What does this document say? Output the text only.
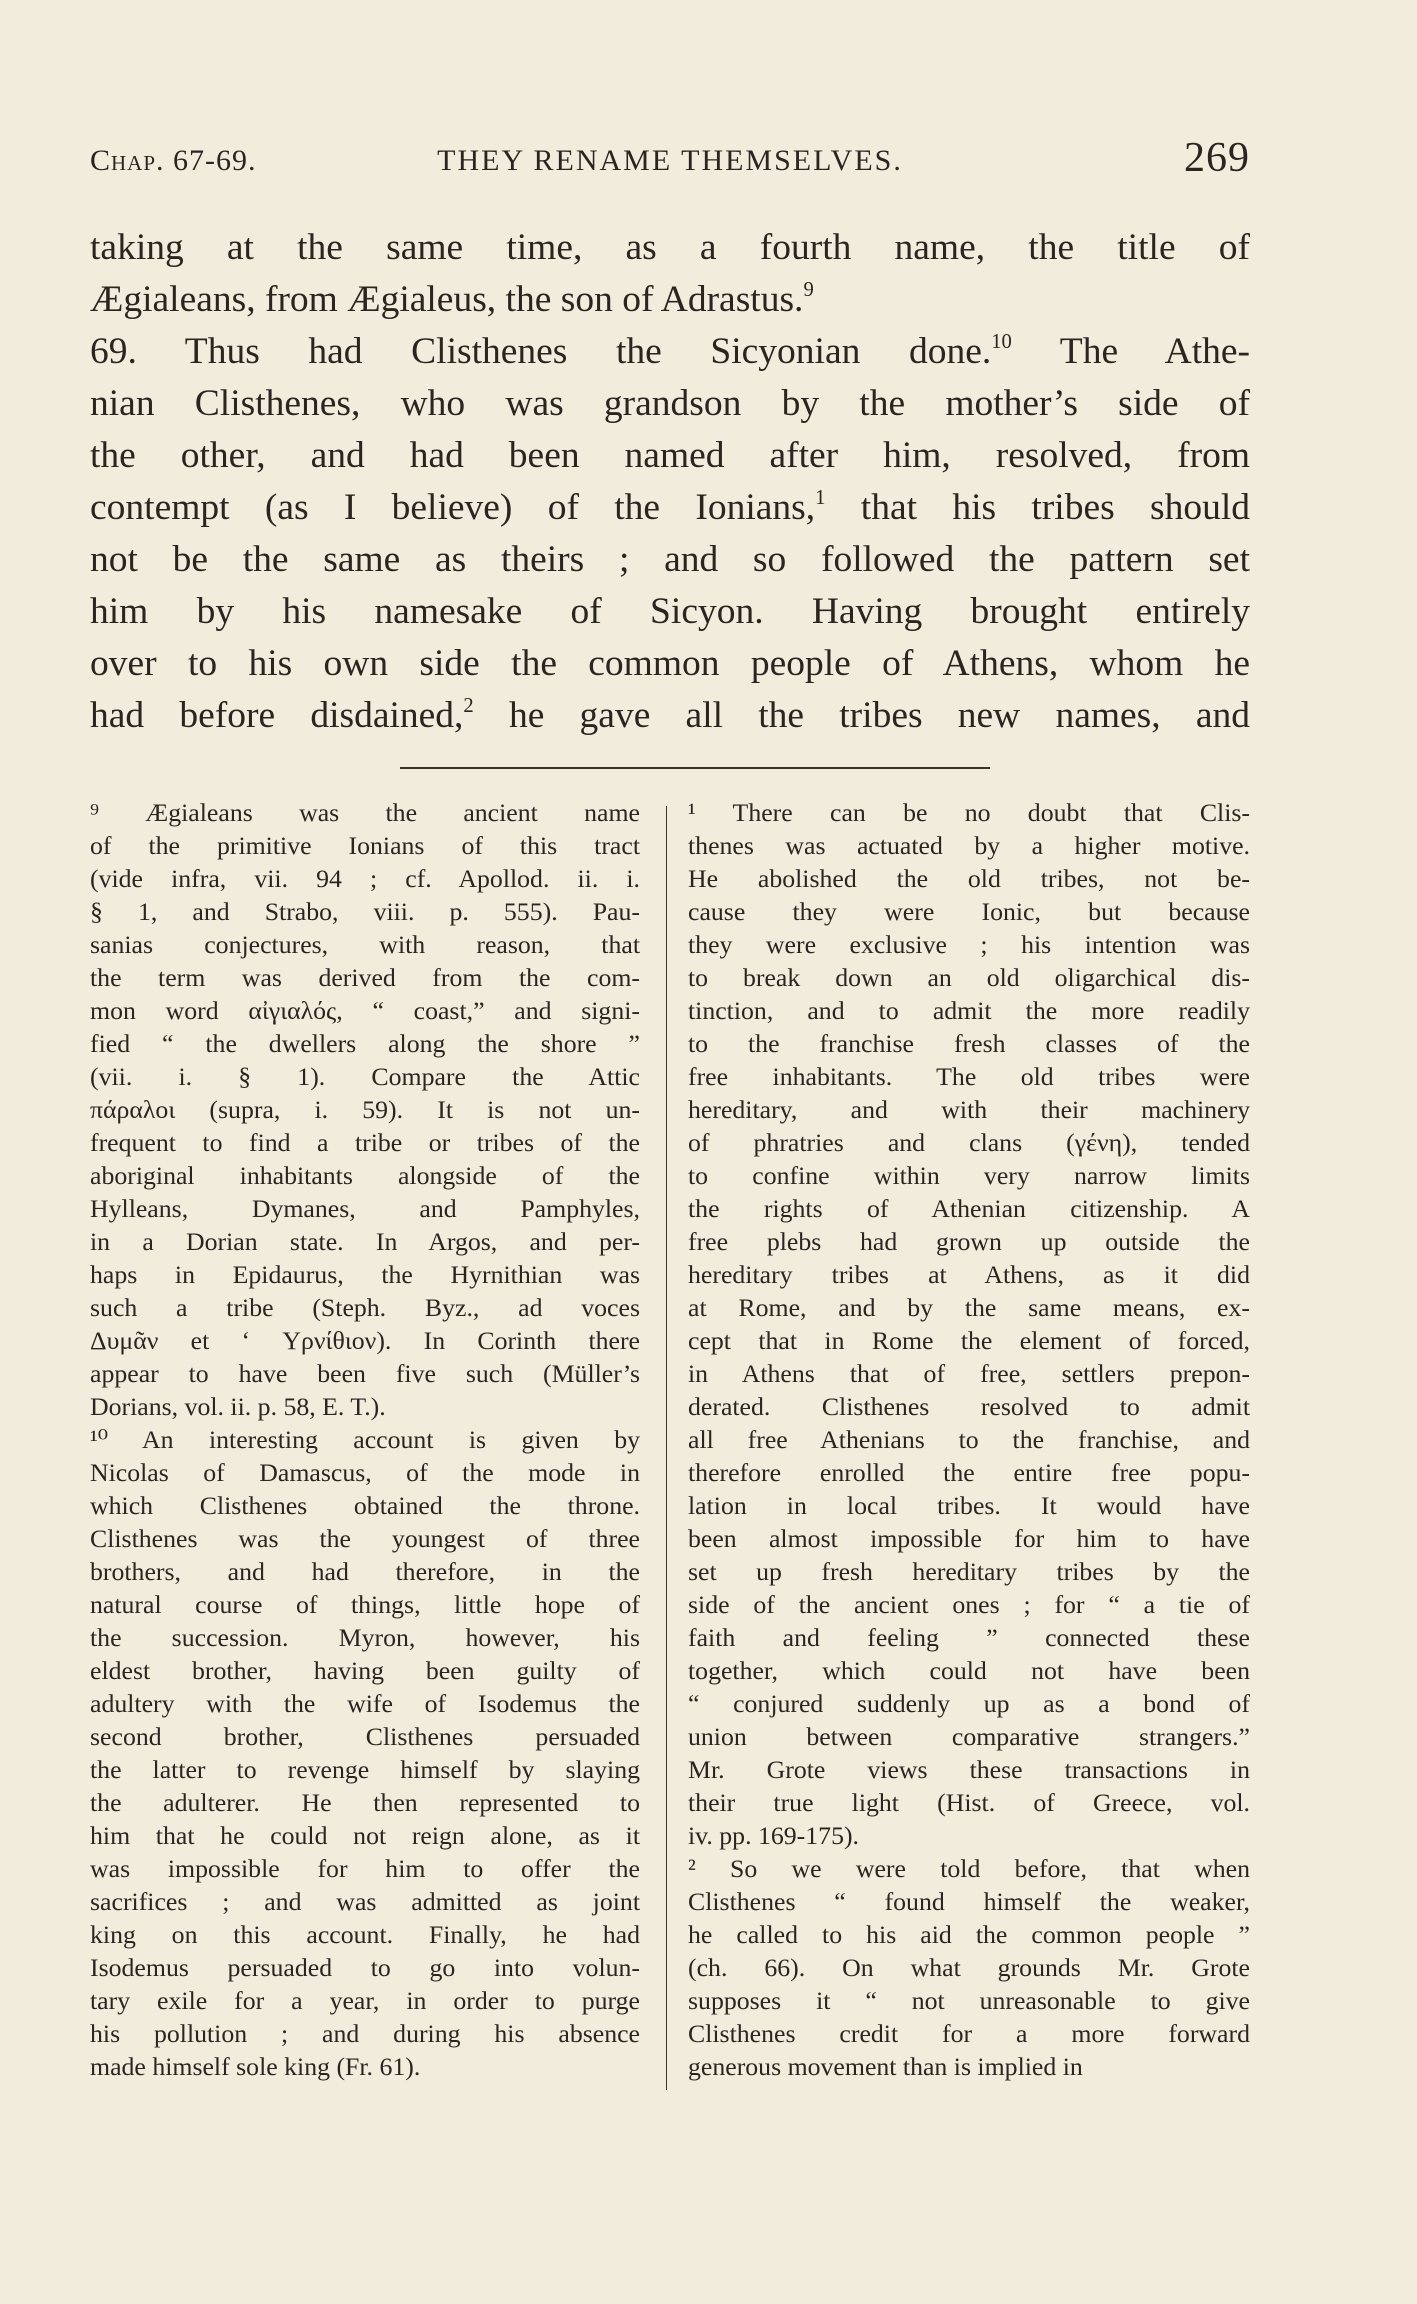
Chap. 67-69.	THEY RENAME THEMSELVES.	269
taking at the same time, as a fourth name, the title of
Ægialeans, from Ægialeus, the son of Adrastus.$^9$
69. Thus had Clisthenes the Sicyonian done.$^{10}$ The Athe-
nian Clisthenes, who was grandson by the mother’s side of
the other, and had been named after him, resolved, from
contempt (as I believe) of the Ionians,$^1$ that his tribes should
not be the same as theirs ; and so followed the pattern set
him by his namesake of Sicyon. Having brought entirely
over to his own side the common people of Athens, whom he
had before disdained,$^2$ he gave all the tribes new names, and
⁹ Ægialeans was the ancient name
of the primitive Ionians of this tract
(vide infra, vii. 94 ; cf. Apollod. ii. i.
§ 1, and Strabo, viii. p. 555). Pau-
sanias conjectures, with reason, that
the term was derived from the com-
mon word αἰγιαλός, “ coast,” and signi-
fied “ the dwellers along the shore ”
(vii. i. § 1). Compare the Attic
πάραλοι (supra, i. 59). It is not un-
frequent to find a tribe or tribes of the
aboriginal inhabitants alongside of the
Hylleans, Dymanes, and Pamphyles,
in a Dorian state. In Argos, and per-
haps in Epidaurus, the Hyrnithian was
such a tribe (Steph. Byz., ad voces
Δυμᾶν et ‘ Υρνίθιον). In Corinth there
appear to have been five such (Müller’s
Dorians, vol. ii. p. 58, E. T.).
¹⁰ An interesting account is given by
Nicolas of Damascus, of the mode in
which Clisthenes obtained the throne.
Clisthenes was the youngest of three
brothers, and had therefore, in the
natural course of things, little hope of
the succession. Myron, however, his
eldest brother, having been guilty of
adultery with the wife of Isodemus the
second brother, Clisthenes persuaded
the latter to revenge himself by slaying
the adulterer. He then represented to
him that he could not reign alone, as it
was impossible for him to offer the
sacrifices ; and was admitted as joint
king on this account. Finally, he had
Isodemus persuaded to go into volun-
tary exile for a year, in order to purge
his pollution ; and during his absence
made himself sole king (Fr. 61).
¹ There can be no doubt that Clis-
thenes was actuated by a higher motive.
He abolished the old tribes, not be-
cause they were Ionic, but because
they were exclusive ; his intention was
to break down an old oligarchical dis-
tinction, and to admit the more readily
to the franchise fresh classes of the
free inhabitants. The old tribes were
hereditary, and with their machinery
of phratries and clans (γένη), tended
to confine within very narrow limits
the rights of Athenian citizenship. A
free plebs had grown up outside the
hereditary tribes at Athens, as it did
at Rome, and by the same means, ex-
cept that in Rome the element of forced,
in Athens that of free, settlers prepon-
derated. Clisthenes resolved to admit
all free Athenians to the franchise, and
therefore enrolled the entire free popu-
lation in local tribes. It would have
been almost impossible for him to have
set up fresh hereditary tribes by the
side of the ancient ones ; for “ a tie of
faith and feeling ” connected these
together, which could not have been
“ conjured suddenly up as a bond of
union between comparative strangers.”
Mr. Grote views these transactions in
their true light (Hist. of Greece, vol.
iv. pp. 169-175).
² So we were told before, that when
Clisthenes “ found himself the weaker,
he called to his aid the common people ”
(ch. 66). On what grounds Mr. Grote
supposes it “ not unreasonable to give
Clisthenes credit for a more forward
generous movement than is implied in
